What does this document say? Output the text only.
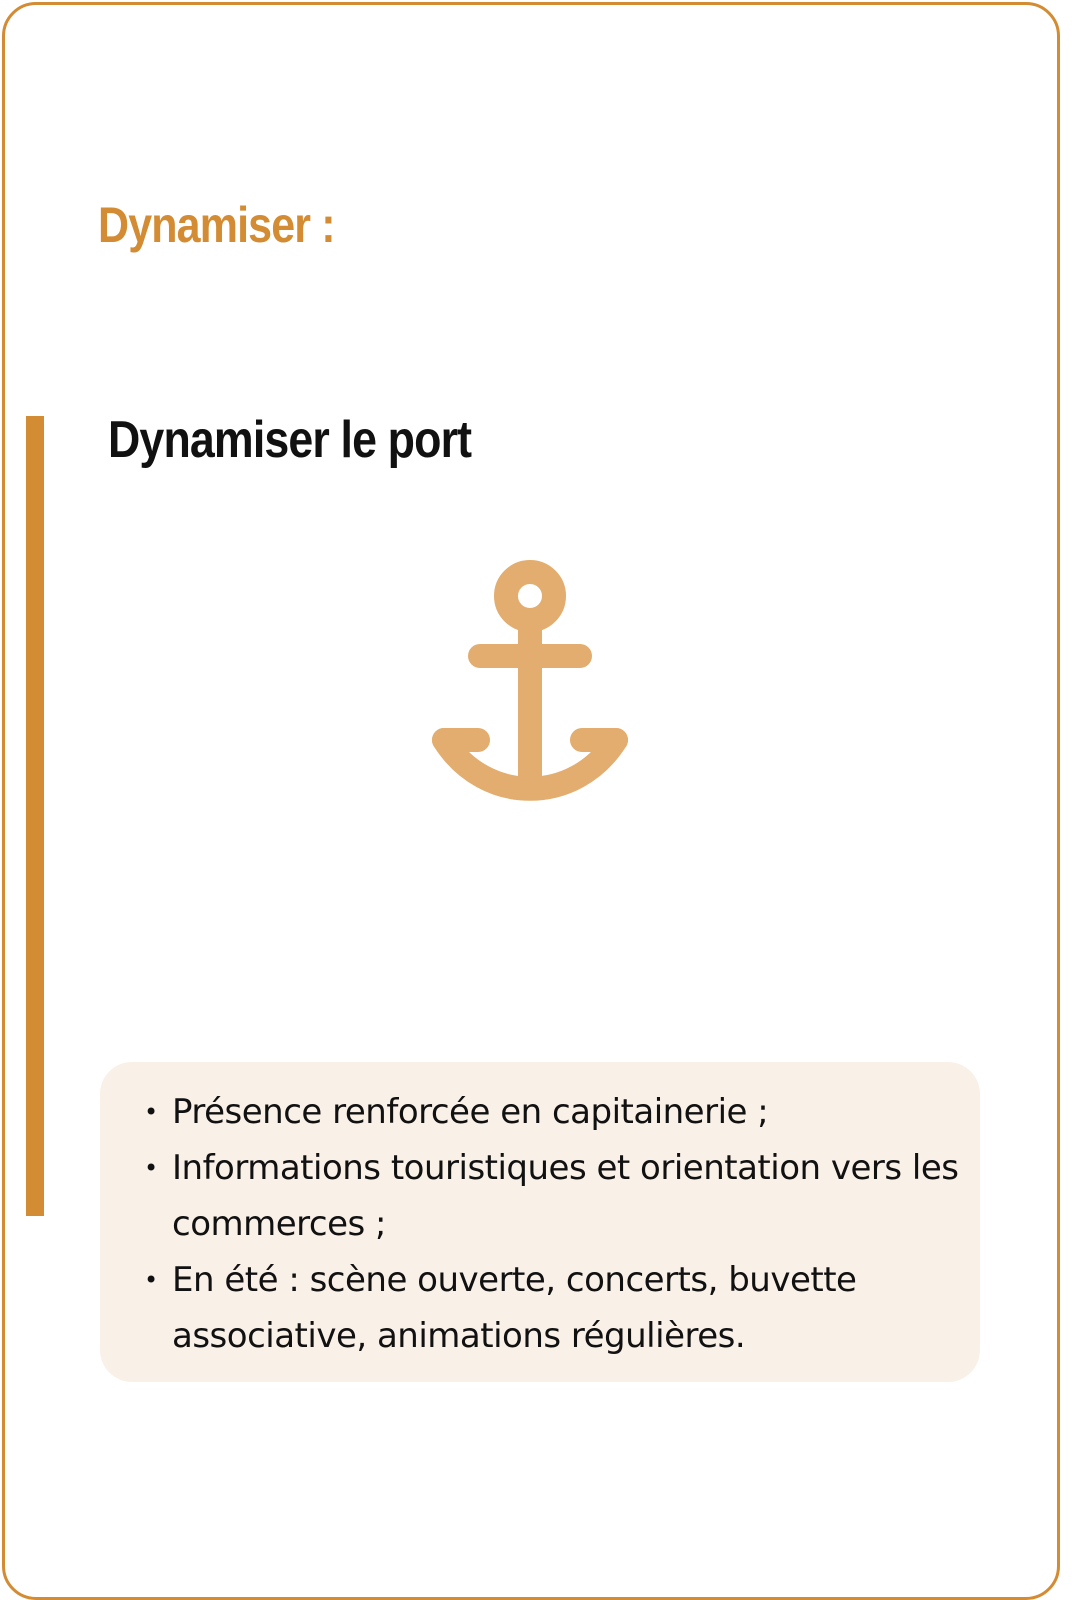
Dynamiser :
Dynamiser le port
• Présence renforcée en capitainerie ;
• Informations touristiques et orientation vers les commerces ;
• En été : scène ouverte, concerts, buvette associative, animations régulières.
